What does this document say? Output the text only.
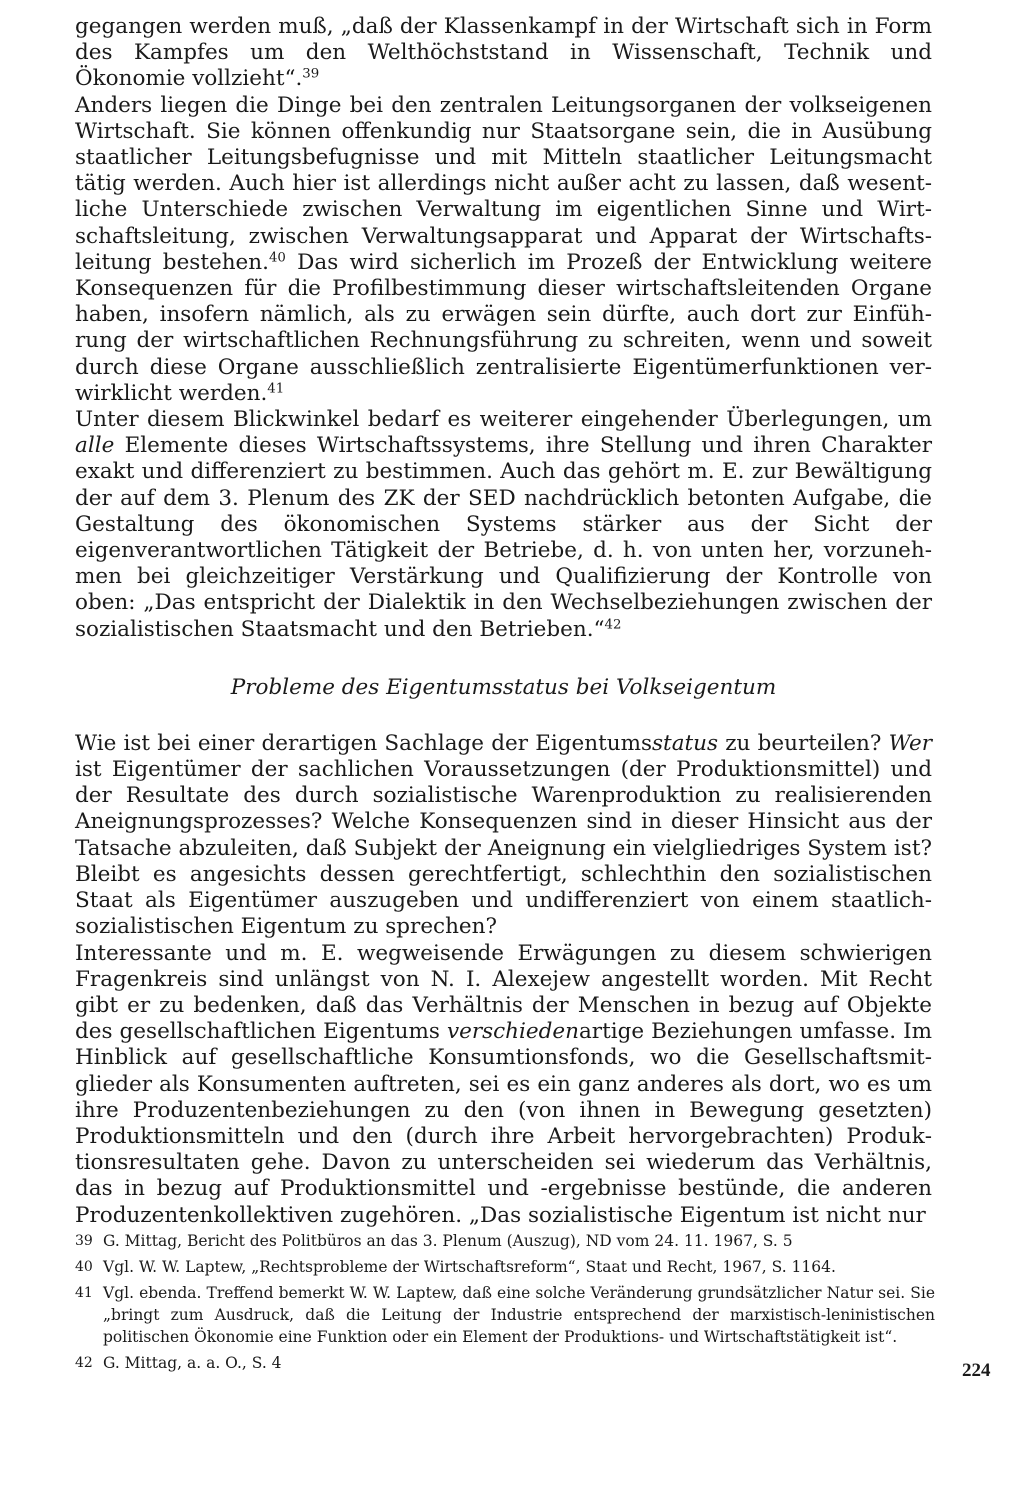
gegangen werden muß, „daß der Klassenkampf in der Wirtschaft sich in Form des Kampfes um den Welthöchststand in Wissenschaft, Technik und Ökonomie vollzieht“.$^{39}$

Anders liegen die Dinge bei den zentralen Leitungsorganen der volkseigenen Wirtschaft. Sie können offenkundig nur Staatsorgane sein, die in Ausübung staatlicher Leitungsbefugnisse und mit Mitteln staatlicher Leitungsmacht tätig werden. Auch hier ist allerdings nicht außer acht zu lassen, daß wesentliche Unterschiede zwischen Verwaltung im eigentlichen Sinne und Wirtschaftsleitung, zwischen Verwaltungsapparat und Apparat der Wirtschaftsleitung bestehen.$^{40}$ Das wird sicherlich im Prozeß der Entwicklung weitere Konsequenzen für die Profilbestimmung dieser wirtschaftsleitenden Organe haben, insofern nämlich, als zu erwägen sein dürfte, auch dort zur Einführung der wirtschaftlichen Rechnungsführung zu schreiten, wenn und soweit durch diese Organe ausschließlich zentralisierte Eigentümerfunktionen verwirklicht werden.$^{41}$

Unter diesem Blickwinkel bedarf es weiterer eingehender Überlegungen, um alle Elemente dieses Wirtschaftssystems, ihre Stellung und ihren Charakter exakt und differenziert zu bestimmen. Auch das gehört m. E. zur Bewältigung der auf dem 3. Plenum des ZK der SED nachdrücklich betonten Aufgabe, die Gestaltung des ökonomischen Systems stärker aus der Sicht der eigenverantwortlichen Tätigkeit der Betriebe, d. h. von unten her, vorzunehmen bei gleichzeitiger Verstärkung und Qualifizierung der Kontrolle von oben: „Das entspricht der Dialektik in den Wechselbeziehungen zwischen der sozialistischen Staatsmacht und den Betrieben.“$^{42}$

Probleme des Eigentumsstatus bei Volkseigentum

Wie ist bei einer derartigen Sachlage der Eigentumsstatus zu beurteilen? Wer ist Eigentümer der sachlichen Voraussetzungen (der Produktionsmittel) und der Resultate des durch sozialistische Warenproduktion zu realisierenden Aneignungsprozesses? Welche Konsequenzen sind in dieser Hinsicht aus der Tatsache abzuleiten, daß Subjekt der Aneignung ein vielgliedriges System ist? Bleibt es angesichts dessen gerechtfertigt, schlechthin den sozialistischen Staat als Eigentümer auszugeben und undifferenziert von einem staatlich-sozialistischen Eigentum zu sprechen?

Interessante und m. E. wegweisende Erwägungen zu diesem schwierigen Fragenkreis sind unlängst von N. I. Alexejew angestellt worden. Mit Recht gibt er zu bedenken, daß das Verhältnis der Menschen in bezug auf Objekte des gesellschaftlichen Eigentums verschiedenartige Beziehungen umfasse. Im Hinblick auf gesellschaftliche Konsumtionsfonds, wo die Gesellschaftsmitglieder als Konsumenten auftreten, sei es ein ganz anderes als dort, wo es um ihre Produzentenbeziehungen zu den (von ihnen in Bewegung gesetzten) Produktionsmitteln und den (durch ihre Arbeit hervorgebrachten) Produktionsresultaten gehe. Davon zu unterscheiden sei wiederum das Verhältnis, das in bezug auf Produktionsmittel und -ergebnisse bestünde, die anderen Produzentenkollektiven zugehören. „Das sozialistische Eigentum ist nicht nur

39 G. Mittag, Bericht des Politbüros an das 3. Plenum (Auszug), ND vom 24. 11. 1967, S. 5
40 Vgl. W. W. Laptew, „Rechtsprobleme der Wirtschaftsreform“, Staat und Recht, 1967, S. 1164.
41 Vgl. ebenda. Treffend bemerkt W. W. Laptew, daß eine solche Veränderung grundsätzlicher Natur sei. Sie „bringt zum Ausdruck, daß die Leitung der Industrie entsprechend der marxistisch-leninistischen politischen Ökonomie eine Funktion oder ein Element der Produktions- und Wirtschaftstätigkeit ist“.
42 G. Mittag, a. a. O., S. 4	224
